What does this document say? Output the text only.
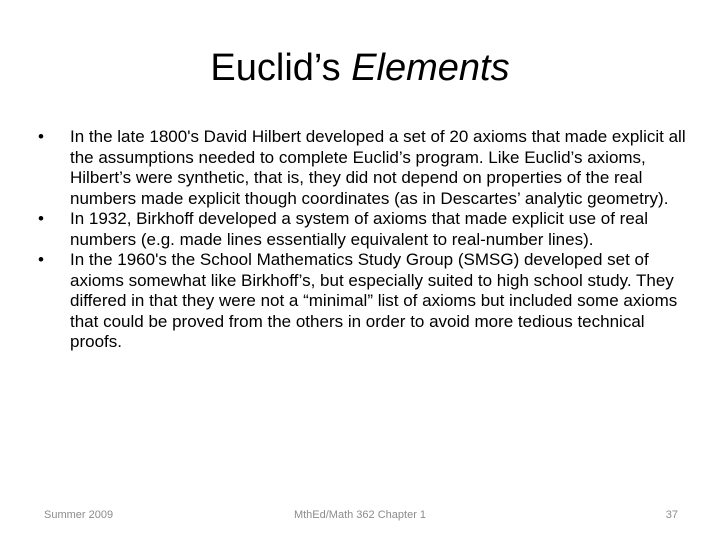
Euclid’s Elements
• In the late 1800's David Hilbert developed a set of 20 axioms that made explicit all the assumptions needed to complete Euclid’s program. Like Euclid’s axioms, Hilbert’s were synthetic, that is, they did not depend on properties of the real numbers made explicit though coordinates (as in Descartes’ analytic geometry).
• In 1932, Birkhoff developed a system of axioms that made explicit use of real numbers (e.g. made lines essentially equivalent to real-number lines).
• In the 1960's the School Mathematics Study Group (SMSG) developed set of axioms somewhat like Birkhoff’s, but especially suited to high school study. They differed in that they were not a “minimal” list of axioms but included some axioms that could be proved from the others in order to avoid more tedious technical proofs.
Summer 2009	MthEd/Math 362 Chapter 1	37
